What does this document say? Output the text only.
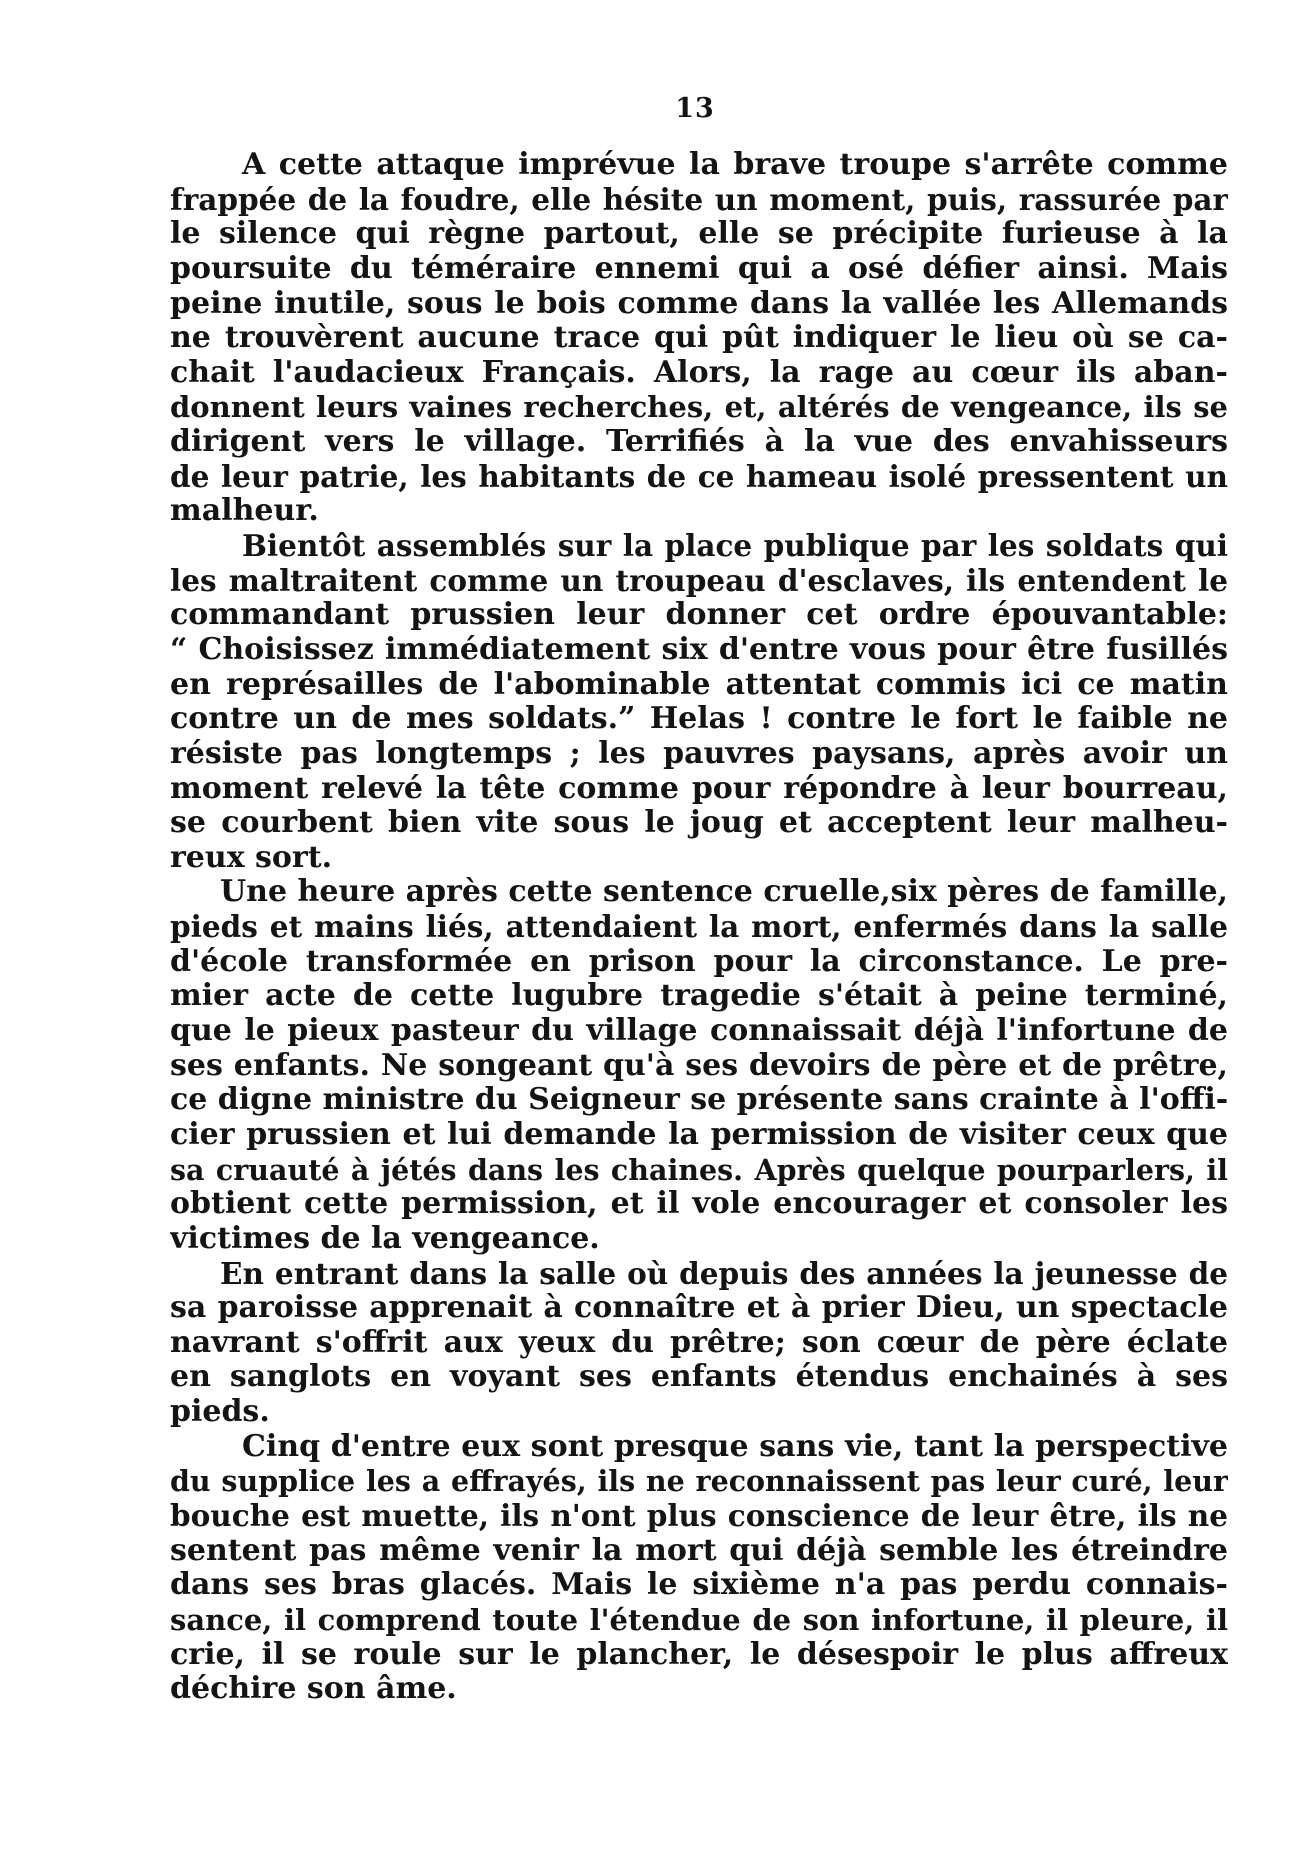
13
A cette attaque imprévue la brave troupe s'arrête comme
frappée de la foudre, elle hésite un moment, puis, rassurée par
le silence qui règne partout, elle se précipite furieuse à la
poursuite du téméraire ennemi qui a osé défier ainsi. Mais
peine inutile, sous le bois comme dans la vallée les Allemands
ne trouvèrent aucune trace qui pût indiquer le lieu où se ca-
chait l'audacieux Français. Alors, la rage au cœur ils aban-
donnent leurs vaines recherches, et, altérés de vengeance, ils se
dirigent vers le village. Terrifiés à la vue des envahisseurs
de leur patrie, les habitants de ce hameau isolé pressentent un
malheur.
Bientôt assemblés sur la place publique par les soldats qui
les maltraitent comme un troupeau d'esclaves, ils entendent le
commandant prussien leur donner cet ordre épouvantable:
“ Choisissez immédiatement six d'entre vous pour être fusillés
en représailles de l'abominable attentat commis ici ce matin
contre un de mes soldats.” Helas ! contre le fort le faible ne
résiste pas longtemps ; les pauvres paysans, après avoir un
moment relevé la tête comme pour répondre à leur bourreau,
se courbent bien vite sous le joug et acceptent leur malheu-
reux sort.
Une heure après cette sentence cruelle,six pères de famille,
pieds et mains liés, attendaient la mort, enfermés dans la salle
d'école transformée en prison pour la circonstance. Le pre-
mier acte de cette lugubre tragedie s'était à peine terminé,
que le pieux pasteur du village connaissait déjà l'infortune de
ses enfants. Ne songeant qu'à ses devoirs de père et de prêtre,
ce digne ministre du Seigneur se présente sans crainte à l'offi-
cier prussien et lui demande la permission de visiter ceux que
sa cruauté à jétés dans les chaines. Après quelque pourparlers, il
obtient cette permission, et il vole encourager et consoler les
victimes de la vengeance.
En entrant dans la salle où depuis des années la jeunesse de
sa paroisse apprenait à connaître et à prier Dieu, un spectacle
navrant s'offrit aux yeux du prêtre; son cœur de père éclate
en sanglots en voyant ses enfants étendus enchainés à ses
pieds.
Cinq d'entre eux sont presque sans vie, tant la perspective
du supplice les a effrayés, ils ne reconnaissent pas leur curé, leur
bouche est muette, ils n'ont plus conscience de leur être, ils ne
sentent pas même venir la mort qui déjà semble les étreindre
dans ses bras glacés. Mais le sixième n'a pas perdu connais-
sance, il comprend toute l'étendue de son infortune, il pleure, il
crie, il se roule sur le plancher, le désespoir le plus affreux
déchire son âme.
